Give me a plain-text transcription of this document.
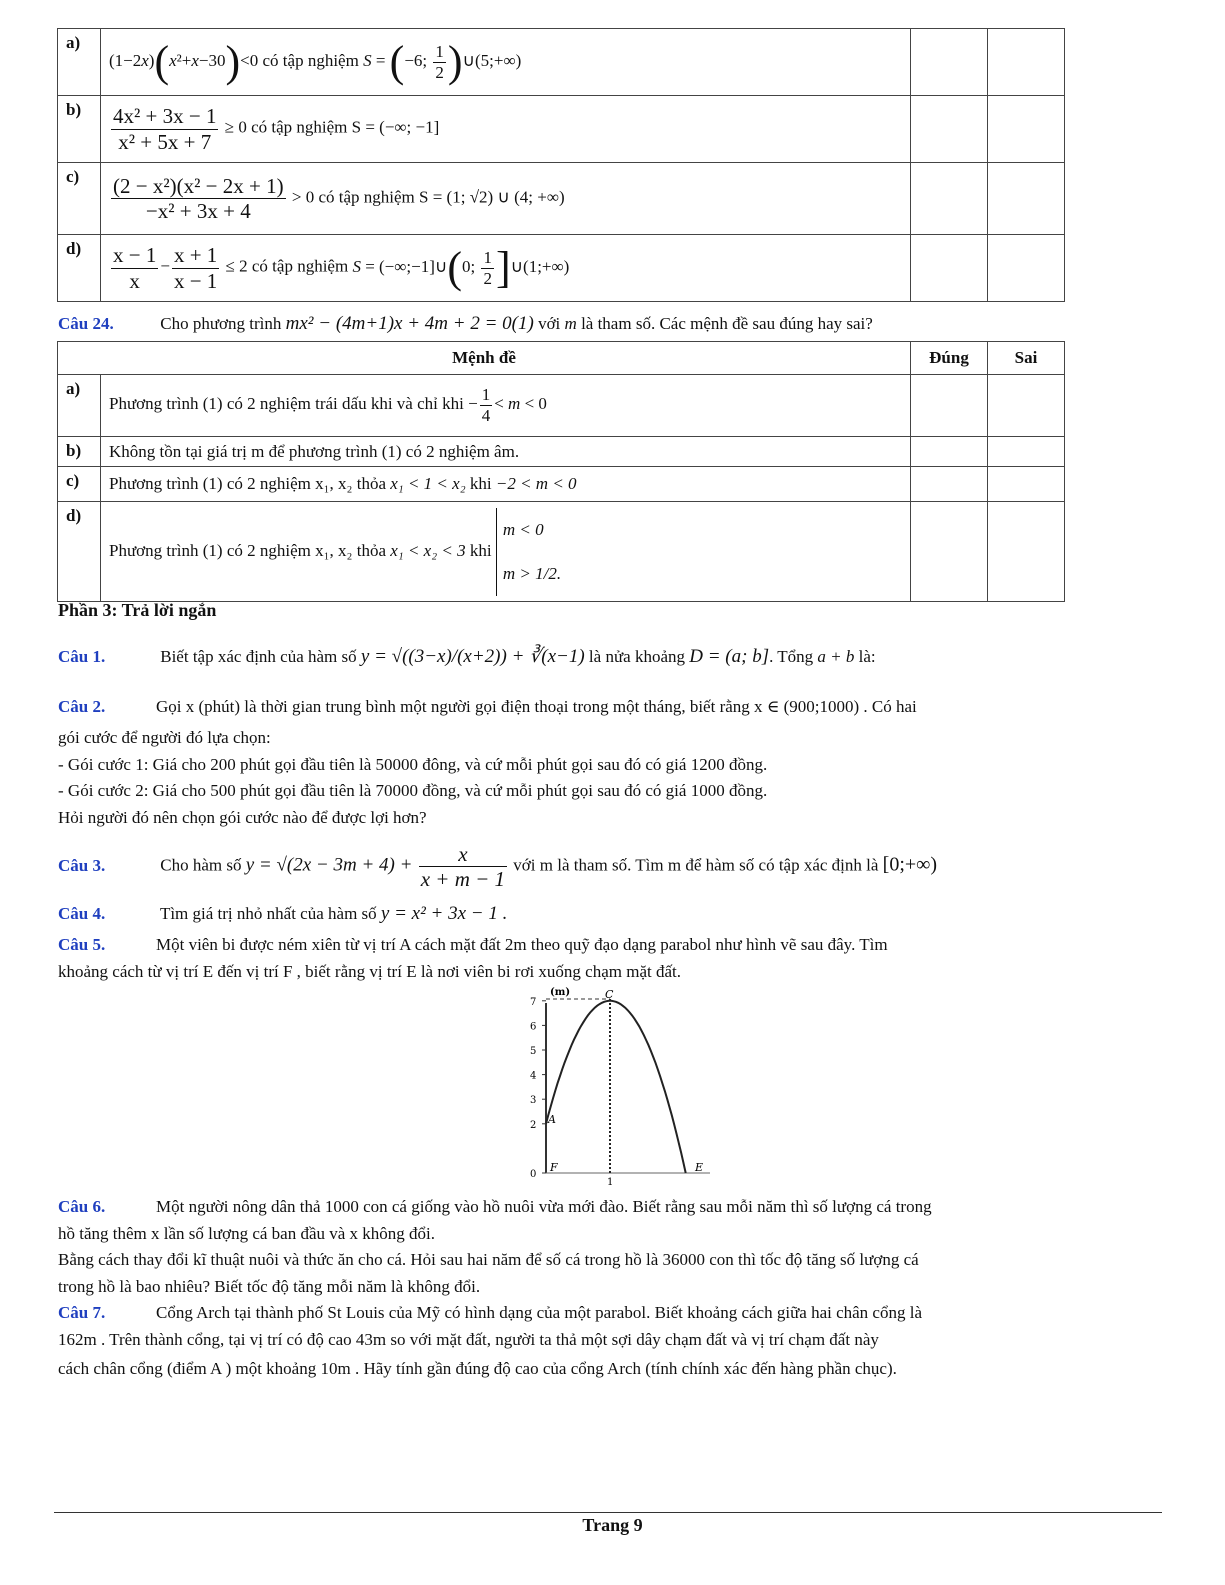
a)	(1−2x)(x²+x−30)<0 có tập nghiệm S = (−6; $\frac{1}{2}$ )∪(5;+∞)		
b)	$\frac{\text{4x² + 3x − 1}}{\text{x² + 5x + 7}} \ge 0$ có tập nghiệm S = (−∞; −1]		
c)	$\frac{\text{(2 − x²)(x² − 2x + 1)}}{\text{−x² + 3x + 4}} > 0$ có tập nghiệm S = (1; √2) ∪ (4; +∞)		
d)	$\frac{x - 1}{x} - \frac{x + 1}{x - 1} \le 2$ có tập nghiệm S = (−∞;−1]∪(0; $\frac{1}{2}$ ]∪(1;+∞)		
Câu 24.	Cho phương trình mx² − (4m+1)x + 4m + 2 = 0(1) với m là tham số. Các mệnh đề sau đúng hay sai?
Mệnh đề		Đúng	Sai
a)	Phương trình (1) có 2 nghiệm trái dấu khi và chỉ khi − $\frac{1}{4} < m < 0$		
b)	Không tồn tại giá trị m để phương trình (1) có 2 nghiệm âm.		
c)	Phương trình (1) có 2 nghiệm x₁, x₂ thỏa x₁ < 1 < x₂ khi −2 < m < 0		
d)	Phương trình (1) có 2 nghiệm x₁, x₂ thỏa x₁ < x₂ < 3 khi
m < 0
m > 1/2.		

Phần 3: Trả lời ngắn
Câu 1.	Biết tập xác định của hàm số y = √((3−x)/(x+2)) + ∛(x−1) là nửa khoảng D = (a; b]. Tổng a + b là:
Câu 2.	Gọi x (phút) là thời gian trung bình một người gọi điện thoại trong một tháng, biết rằng x ∈ (900;1000) . Có hai
gói cước để người đó lựa chọn:
- Gói cước 1: Giá cho 200 phút gọi đầu tiên là 50000 đông, và cứ mỗi phút gọi sau đó có giá 1200 đồng.
- Gói cước 2: Giá cho 500 phút gọi đầu tiên là 70000 đồng, và cứ mỗi phút gọi sau đó có giá 1000 đồng.
Hỏi người đó nên chọn gói cước nào để được lợi hơn?
Câu 3.	Cho hàm số $y = √(2x - 3m + 4) + \frac{x}{x + m - 1}$ với m là tham số. Tìm m để hàm số có tập xác định là [0;+∞)
Câu 4.	Tìm giá trị nhỏ nhất của hàm số y = x² + 3x − 1 .
Câu 5.	Một viên bi được ném xiên từ vị trí A cách mặt đất 2m theo quỹ đạo dạng parabol như hình vẽ sau đây. Tìm
khoảng cách từ vị trí E đến vị trí F , biết rằng vị trí E là nơi viên bi rơi xuống chạm mặt đất.
7
6
5
4
3
2
0
(m)	C
A
F	E
1
Câu 6.	Một người nông dân thả 1000 con cá giống vào hồ nuôi vừa mới đào. Biết rằng sau mỗi năm thì số lượng cá trong
hồ tăng thêm x lần số lượng cá ban đầu và x không đổi.
Bằng cách thay đổi kĩ thuật nuôi và thức ăn cho cá. Hỏi sau hai năm để số cá trong hồ là 36000 con thì tốc độ tăng số lượng cá
trong hồ là bao nhiêu? Biết tốc độ tăng mỗi năm là không đổi.
Câu 7.	Cổng Arch tại thành phố St Louis của Mỹ có hình dạng của một parabol. Biết khoảng cách giữa hai chân cổng là
162m . Trên thành cổng, tại vị trí có độ cao 43m so với mặt đất, người ta thả một sợi dây chạm đất và vị trí chạm đất này
cách chân cổng (điểm A ) một khoảng 10m . Hãy tính gần đúng độ cao của cổng Arch (tính chính xác đến hàng phần chục).
Trang 9
